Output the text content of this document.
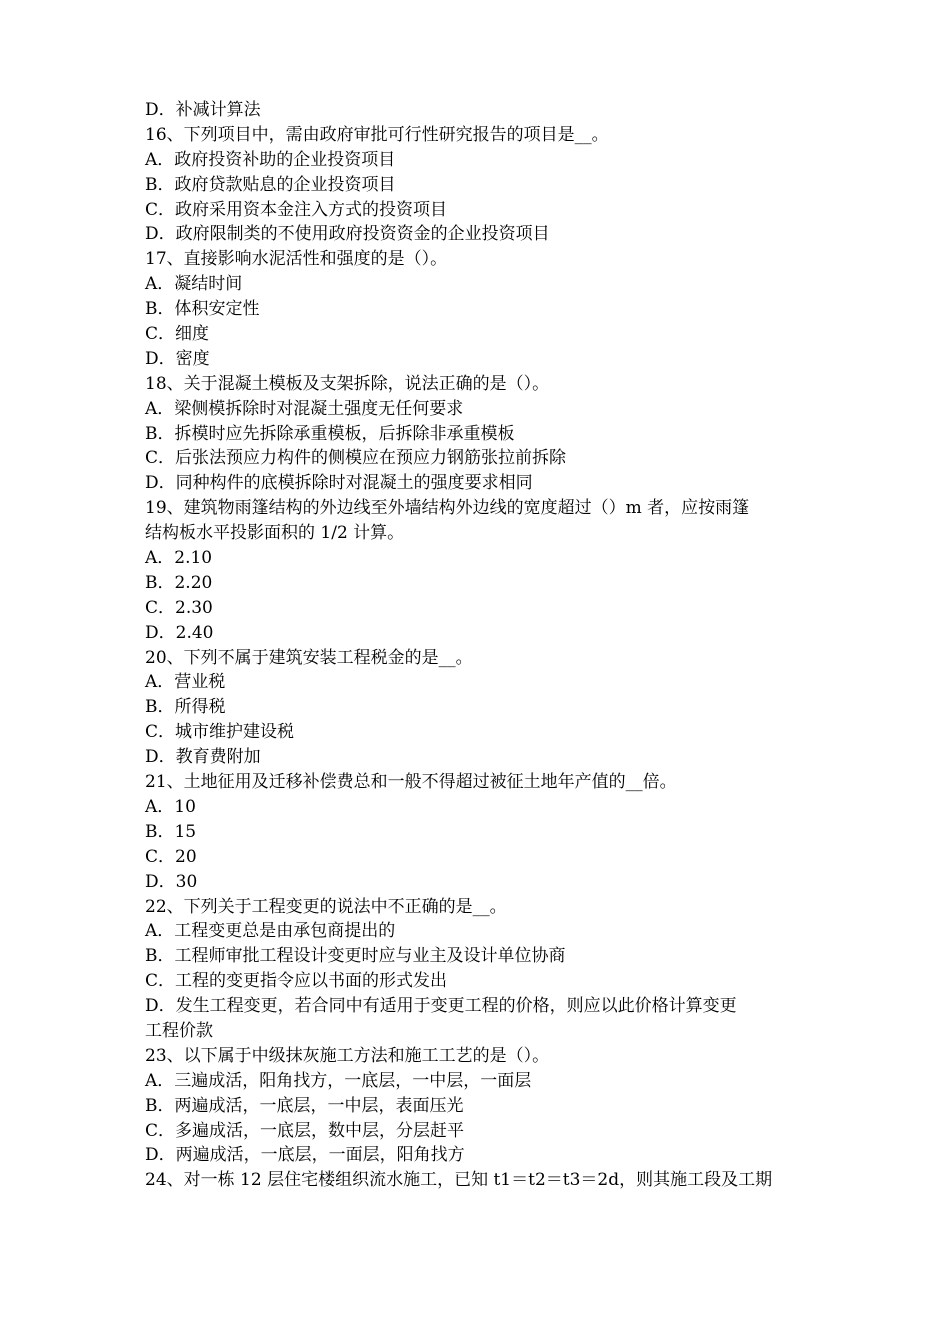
D．补减计算法
16、下列项目中，需由政府审批可行性研究报告的项目是__。
A．政府投资补助的企业投资项目
B．政府贷款贴息的企业投资项目
C．政府采用资本金注入方式的投资项目
D．政府限制类的不使用政府投资资金的企业投资项目
17、直接影响水泥活性和强度的是（）。
A．凝结时间
B．体积安定性
C．细度
D．密度
18、关于混凝土模板及支架拆除，说法正确的是（）。
A．梁侧模拆除时对混凝土强度无任何要求
B．拆模时应先拆除承重模板，后拆除非承重模板
C．后张法预应力构件的侧模应在预应力钢筋张拉前拆除
D．同种构件的底模拆除时对混凝土的强度要求相同
19、建筑物雨篷结构的外边线至外墙结构外边线的宽度超过（）m 者，应按雨篷
结构板水平投影面积的 1/2 计算。
A．2.10
B．2.20
C．2.30
D．2.40
20、下列不属于建筑安装工程税金的是__。
A．营业税
B．所得税
C．城市维护建设税
D．教育费附加
21、土地征用及迁移补偿费总和一般不得超过被征土地年产值的__倍。
A．10
B．15
C．20
D．30
22、下列关于工程变更的说法中不正确的是__。
A．工程变更总是由承包商提出的
B．工程师审批工程设计变更时应与业主及设计单位协商
C．工程的变更指令应以书面的形式发出
D．发生工程变更，若合同中有适用于变更工程的价格，则应以此价格计算变更
工程价款
23、以下属于中级抹灰施工方法和施工工艺的是（）。
A．三遍成活，阳角找方，一底层，一中层，一面层
B．两遍成活，一底层，一中层，表面压光
C．多遍成活，一底层，数中层，分层赶平
D．两遍成活，一底层，一面层，阳角找方
24、对一栋 12 层住宅楼组织流水施工，已知 t1＝t2＝t3＝2d，则其施工段及工期
